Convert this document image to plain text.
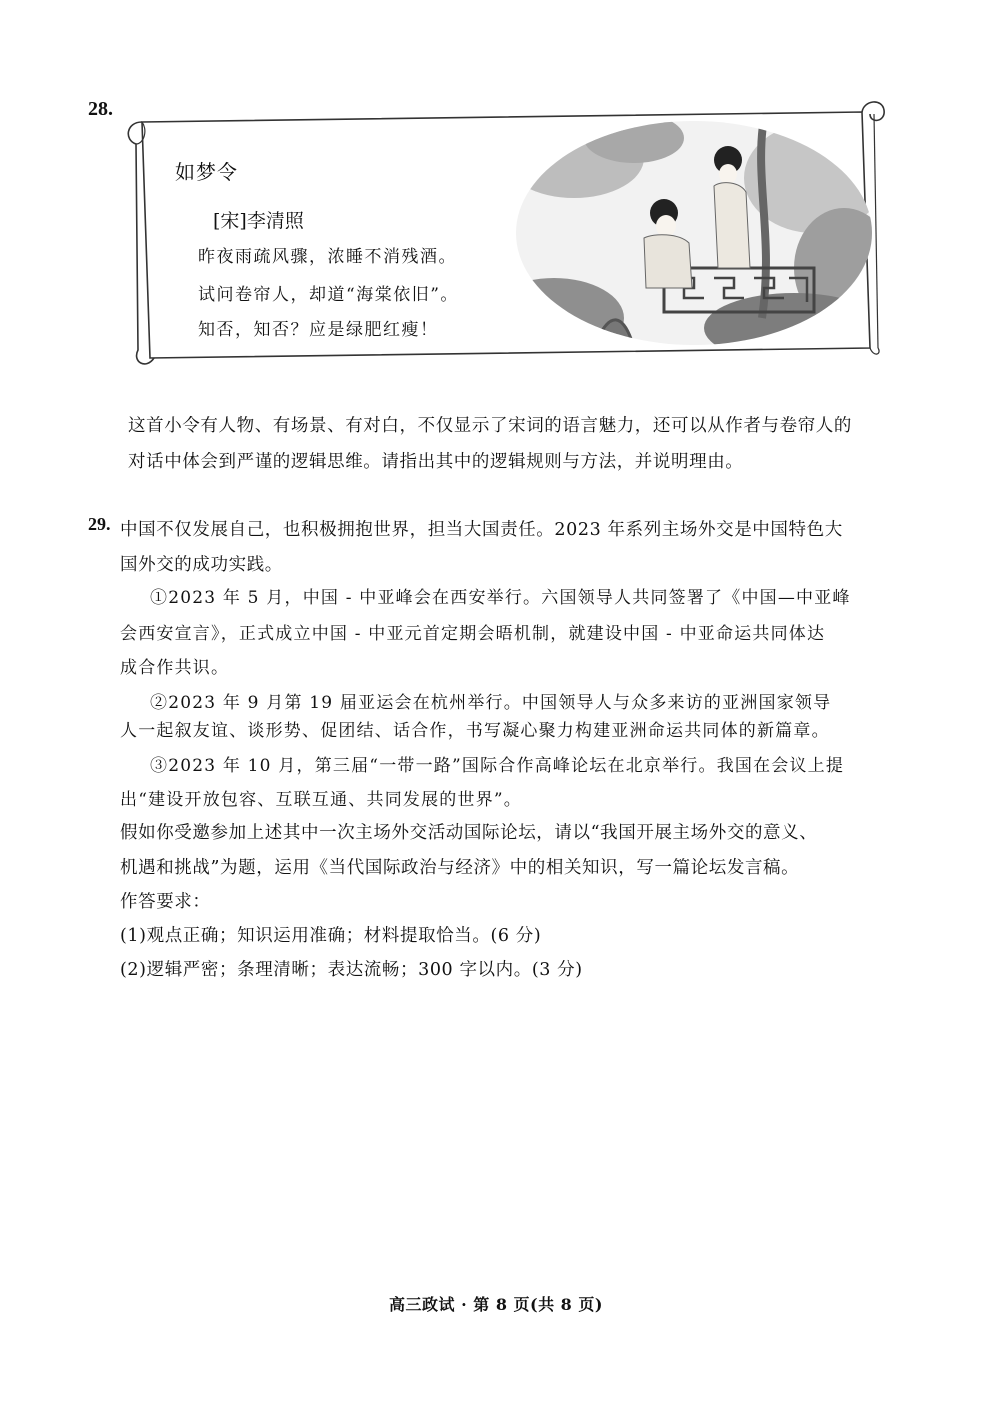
28.
如梦令
[宋]李清照
昨夜雨疏风骤，浓睡不消残酒。
试问卷帘人，却道“海棠依旧”。
知否，知否？应是绿肥红瘦！
这首小令有人物、有场景、有对白，不仅显示了宋词的语言魅力，还可以从作者与卷帘人的
对话中体会到严谨的逻辑思维。请指出其中的逻辑规则与方法，并说明理由。
29. 中国不仅发展自己，也积极拥抱世界，担当大国责任。2023 年系列主场外交是中国特色大
国外交的成功实践。
①2023 年 5 月，中国 - 中亚峰会在西安举行。六国领导人共同签署了《中国—中亚峰
会西安宣言》，正式成立中国 - 中亚元首定期会晤机制，就建设中国 - 中亚命运共同体达
成合作共识。
②2023 年 9 月第 19 届亚运会在杭州举行。中国领导人与众多来访的亚洲国家领导
人一起叙友谊、谈形势、促团结、话合作，书写凝心聚力构建亚洲命运共同体的新篇章。
③2023 年 10 月，第三届“一带一路”国际合作高峰论坛在北京举行。我国在会议上提
出“建设开放包容、互联互通、共同发展的世界”。
假如你受邀参加上述其中一次主场外交活动国际论坛，请以“我国开展主场外交的意义、
机遇和挑战”为题，运用《当代国际政治与经济》中的相关知识，写一篇论坛发言稿。
作答要求：
(1)观点正确；知识运用准确；材料提取恰当。(6 分)
(2)逻辑严密；条理清晰；表达流畅；300 字以内。(3 分)
高三政试 · 第 8 页(共 8 页)
